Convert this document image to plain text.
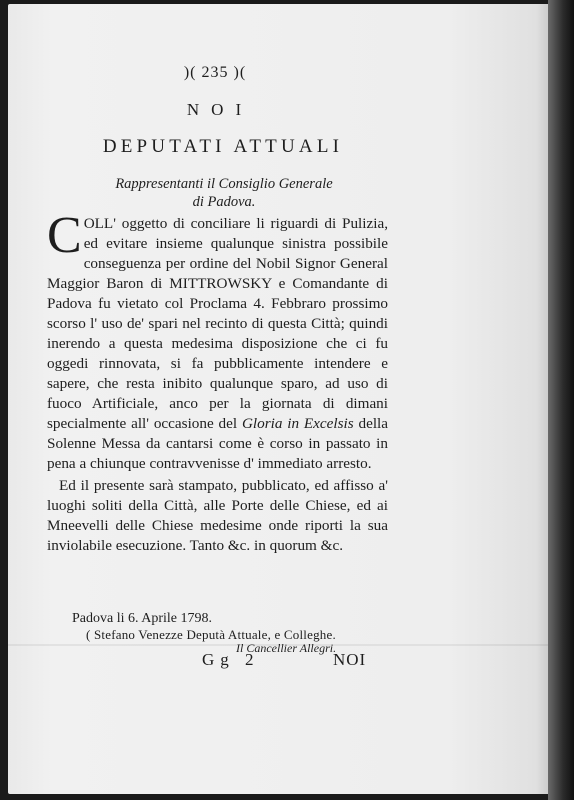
)( 235 )(
NOI
DEPUTATI ATTUALI
Rappresentanti il Consiglio Generale
di Padova.

COLL' oggetto di conciliare li riguardi di Pulizia, ed evitare insieme qualunque sinistra possibile conseguenza per ordine del Nobil Signor General Maggior Baron di MITTROWSKY e Comandante di Padova fu vietato col Proclama 4. Febbraro prossimo scorso l' uso de' spari nel recinto di questa Città; quindi inerendo a questa medesima disposizione che ci fu oggedi rinnovata, si fa pubblicamente intendere e sapere, che resta inibito qualunque sparo, ad uso di fuoco Artificiale, anco per la giornata di dimani specialmente all' occasione del Gloria in Excelsis della Solenne Messa da cantarsi come è corso in passato in pena a chiunque contravvenisse d' immediato arresto.

Ed il presente sarà stampato, pubblicato, ed affisso a' luoghi soliti della Città, alle Porte delle Chiese, ed ai Mneevelli delle Chiese medesime onde riporti la sua inviolabile esecuzione. Tanto &c. in quorum &c.

Padova li 6. Aprile 1798.
( Stefano Venezze Deputà Attuale, e Colleghe.
Il Cancellier Allegri.
Gg 2	NOI
